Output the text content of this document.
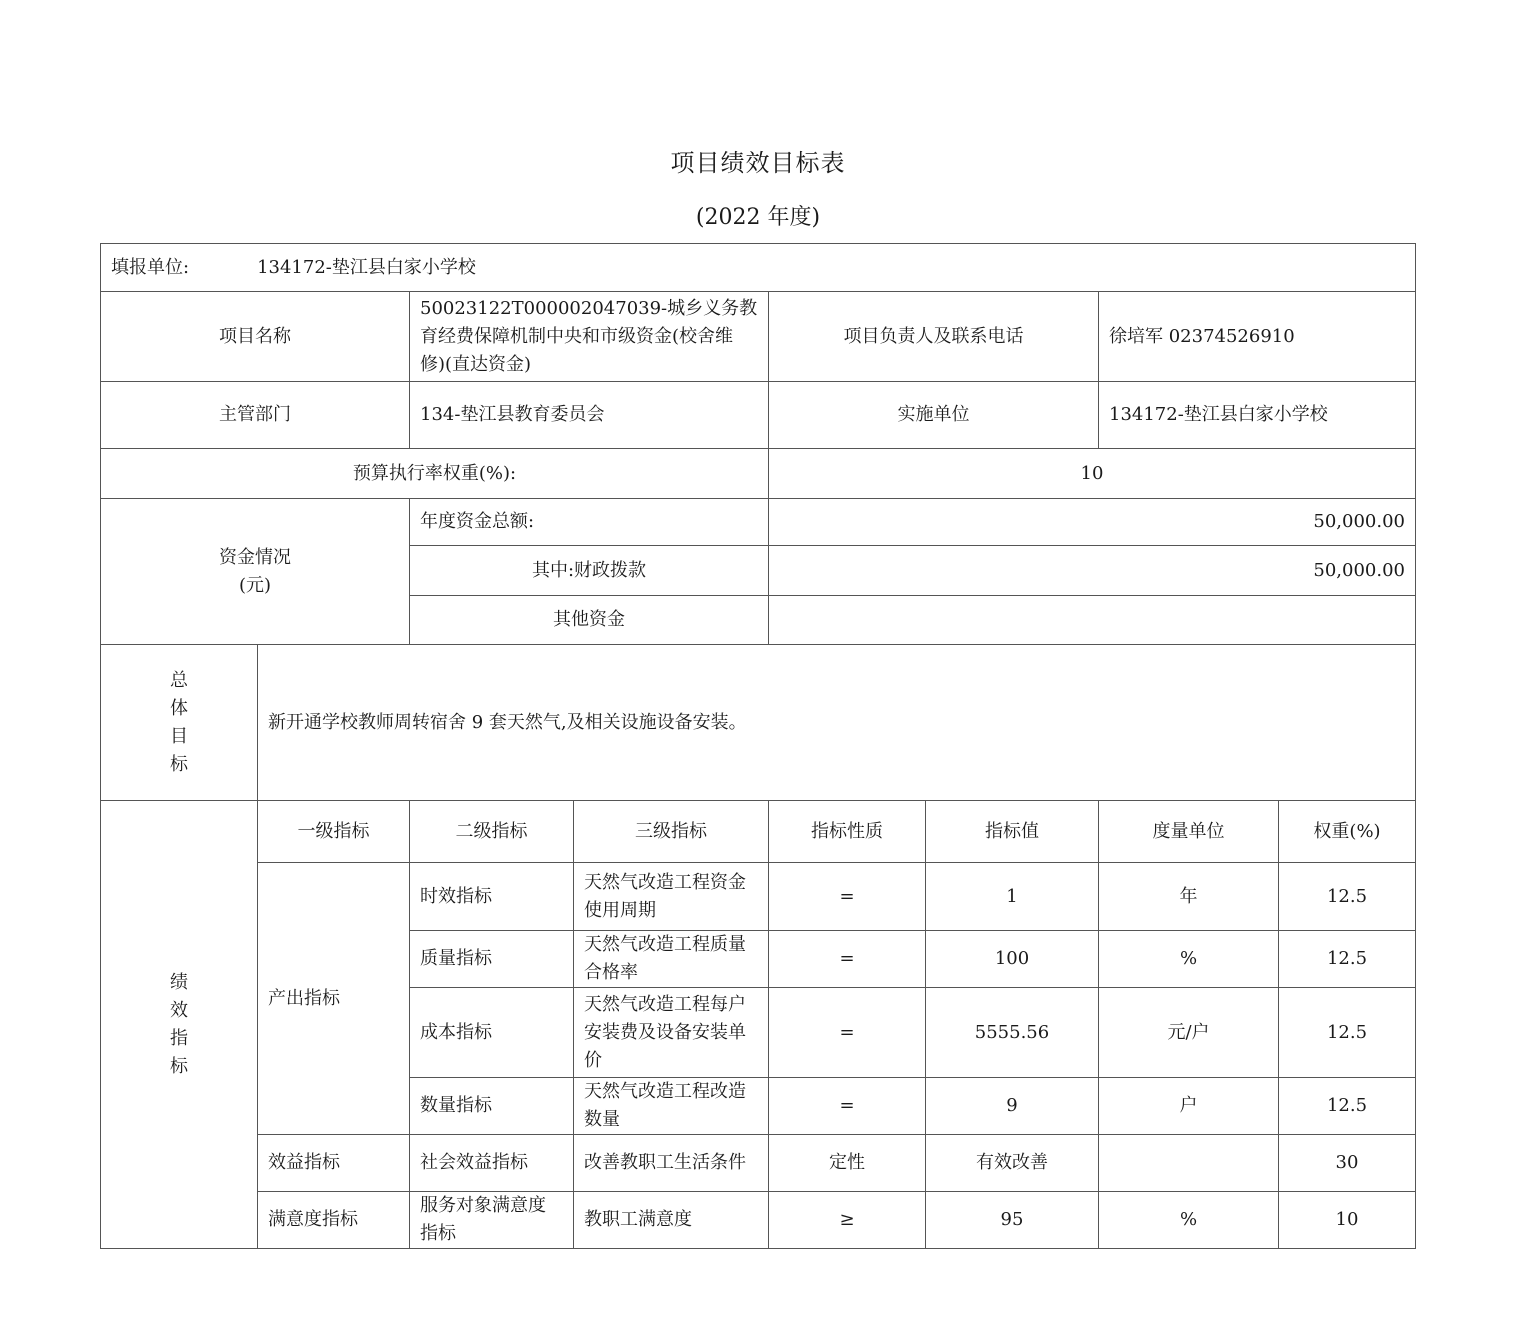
项目绩效目标表
(2022 年度)
填报单位: 134172-垫江县白家小学校							
项目名称		50023122T000002047039-城乡义务教育经费保障机制中央和市级资金(校舍维修)(直达资金)		项目负责人及联系电话		徐培军 02374526910	
主管部门		134-垫江县教育委员会		实施单位		134172-垫江县白家小学校	
预算执行率权重(%):				10			

资金情况
(元)		年度资金总额:		50,000.00			
		其中:财政拨款		50,000.00			
		其他资金					

总
体
目
标	新开通学校教师周转宿舍 9 套天然气,及相关设施设备安装。						

绩
效
指
标	一级指标	二级指标	三级指标	指标性质	指标值	度量单位	权重(%)
	产出指标	时效指标	天然气改造工程资金使用周期	=	1	年	12.5
		质量指标	天然气改造工程质量合格率	=	100	%	12.5
		成本指标	天然气改造工程每户安装费及设备安装单价	=	5555.56	元/户	12.5
		数量指标	天然气改造工程改造数量	=	9	户	12.5
	效益指标	社会效益指标	改善教职工生活条件	定性	有效改善		30
	满意度指标	服务对象满意度指标	教职工满意度	≥	95	%	10
